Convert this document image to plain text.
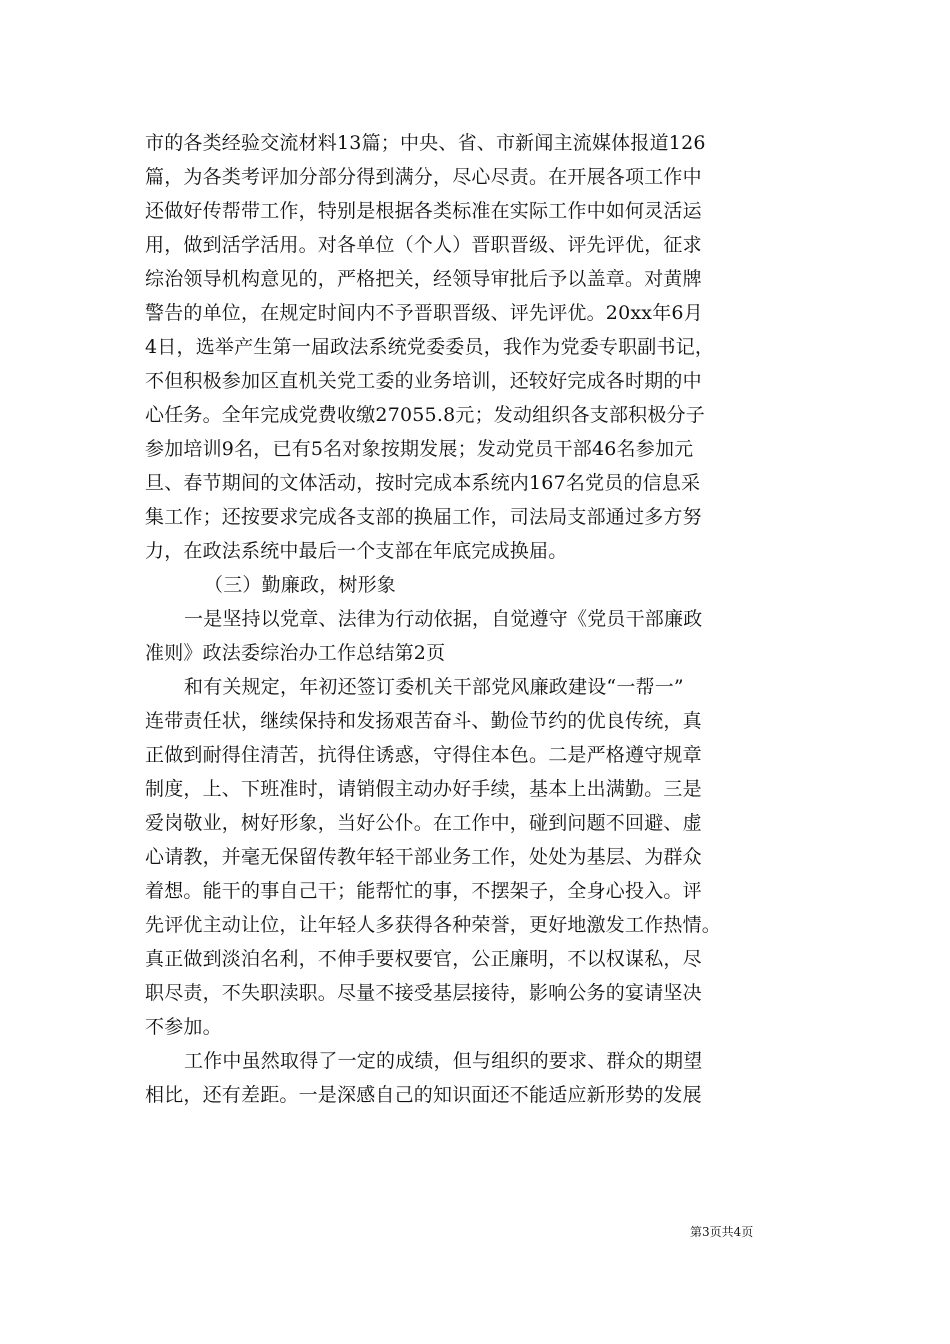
市的各类经验交流材料13篇；中央、省、市新闻主流媒体报道126
篇，为各类考评加分部分得到满分，尽心尽责。在开展各项工作中
还做好传帮带工作，特别是根据各类标准在实际工作中如何灵活运
用，做到活学活用。对各单位（个人）晋职晋级、评先评优，征求
综治领导机构意见的，严格把关，经领导审批后予以盖章。对黄牌
警告的单位，在规定时间内不予晋职晋级、评先评优。20xx年6月
4日，选举产生第一届政法系统党委委员，我作为党委专职副书记，
不但积极参加区直机关党工委的业务培训，还较好完成各时期的中
心任务。全年完成党费收缴27055.8元；发动组织各支部积极分子
参加培训9名，已有5名对象按期发展；发动党员干部46名参加元
旦、春节期间的文体活动，按时完成本系统内167名党员的信息采
集工作；还按要求完成各支部的换届工作，司法局支部通过多方努
力，在政法系统中最后一个支部在年底完成换届。
（三）勤廉政，树形象
一是坚持以党章、法律为行动依据，自觉遵守《党员干部廉政
准则》政法委综治办工作总结第2页
和有关规定，年初还签订委机关干部党风廉政建设“一帮一”
连带责任状，继续保持和发扬艰苦奋斗、勤俭节约的优良传统，真
正做到耐得住清苦，抗得住诱惑，守得住本色。二是严格遵守规章
制度，上、下班准时，请销假主动办好手续，基本上出满勤。三是
爱岗敬业，树好形象，当好公仆。在工作中，碰到问题不回避、虚
心请教，并毫无保留传教年轻干部业务工作，处处为基层、为群众
着想。能干的事自己干；能帮忙的事，不摆架子，全身心投入。评
先评优主动让位，让年轻人多获得各种荣誉，更好地激发工作热情。
真正做到淡泊名利，不伸手要权要官，公正廉明，不以权谋私，尽
职尽责，不失职渎职。尽量不接受基层接待，影响公务的宴请坚决
不参加。
工作中虽然取得了一定的成绩，但与组织的要求、群众的期望
相比，还有差距。一是深感自己的知识面还不能适应新形势的发展
第3页共4页
